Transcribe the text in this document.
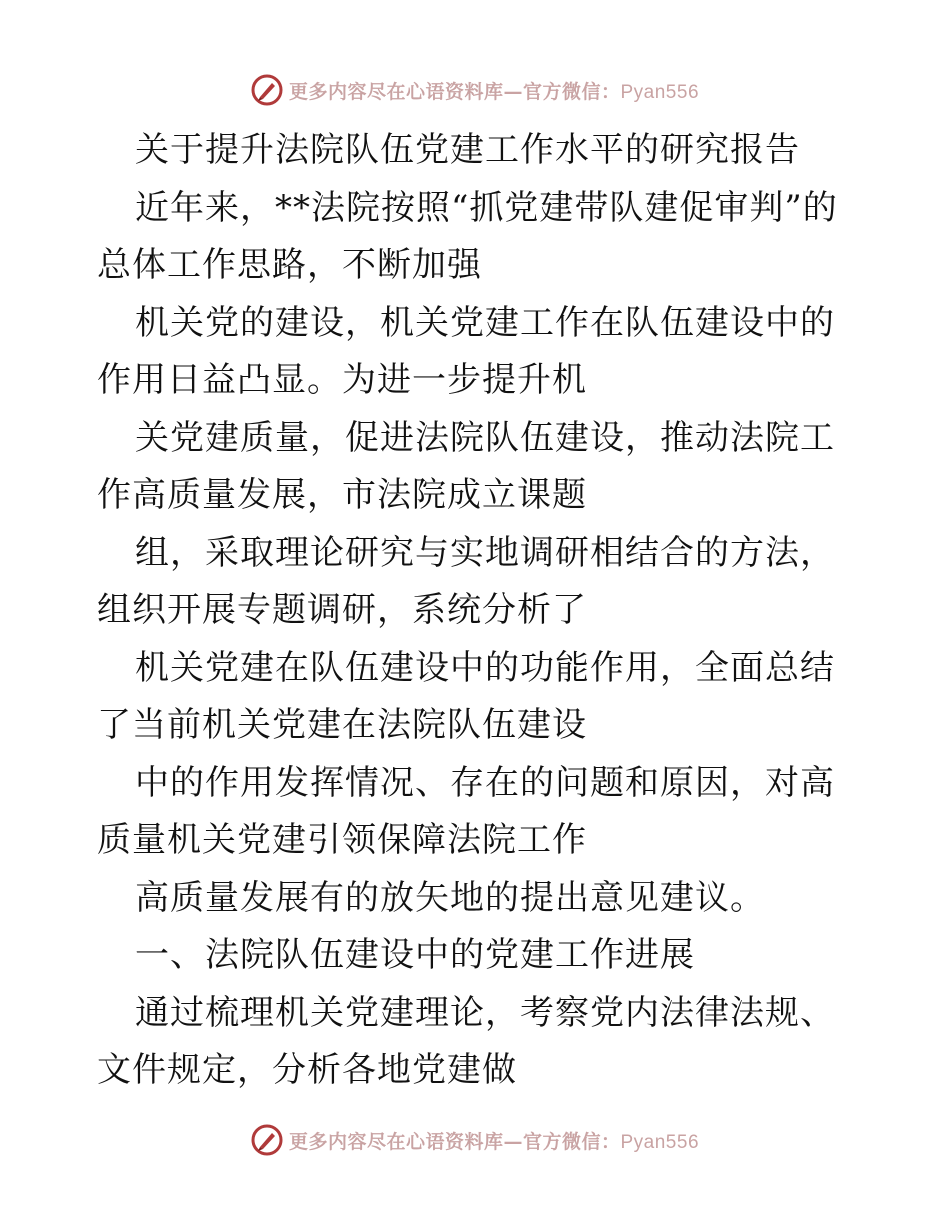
更多内容尽在心语资料库—官方微信：Pyan556

关于提升法院队伍党建工作水平的研究报告

近年来，**法院按照“抓党建带队建促审判”的总体工作思路，不断加强

机关党的建设，机关党建工作在队伍建设中的作用日益凸显。为进一步提升机

关党建质量，促进法院队伍建设，推动法院工作高质量发展，市法院成立课题

组，采取理论研究与实地调研相结合的方法，组织开展专题调研，系统分析了

机关党建在队伍建设中的功能作用，全面总结了当前机关党建在法院队伍建设

中的作用发挥情况、存在的问题和原因，对高质量机关党建引领保障法院工作

高质量发展有的放矢地的提出意见建议。

一、法院队伍建设中的党建工作进展

通过梳理机关党建理论，考察党内法律法规、文件规定，分析各地党建做

更多内容尽在心语资料库—官方微信：Pyan556
